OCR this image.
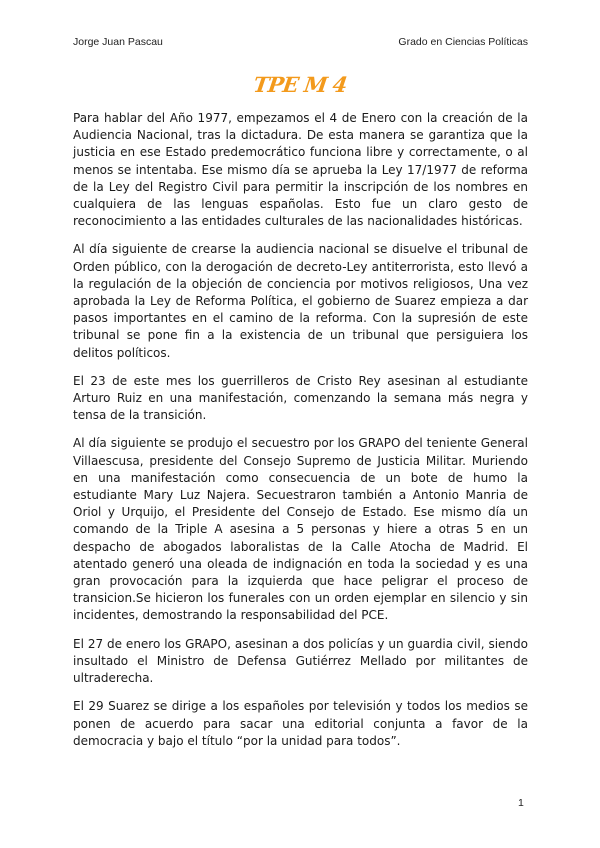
Jorge Juan Pascau	Grado en Ciencias Políticas
TPE M 4

Para hablar del Año 1977, empezamos el 4 de Enero con la creación de la Audiencia Nacional, tras la dictadura. De esta manera se garantiza que la justicia en ese Estado predemocrático funciona libre y correctamente, o al menos se intentaba. Ese mismo día se aprueba la Ley 17/1977 de reforma de la Ley del Registro Civil para permitir la inscripción de los nombres en cualquiera de las lenguas españolas. Esto fue un claro gesto de reconocimiento a las entidades culturales de las nacionalidades históricas.

Al día siguiente de crearse la audiencia nacional se disuelve el tribunal de Orden público, con la derogación de decreto-Ley antiterrorista, esto llevó a la regulación de la objeción de conciencia por motivos religiosos, Una vez aprobada la Ley de Reforma Política, el gobierno de Suarez empieza a dar pasos importantes en el camino de la reforma. Con la supresión de este tribunal se pone fin a la existencia de un tribunal que persiguiera los delitos políticos.

El 23 de este mes los guerrilleros de Cristo Rey asesinan al estudiante Arturo Ruiz en una manifestación, comenzando la semana más negra y tensa de la transición.

Al día siguiente se produjo el secuestro por los GRAPO del teniente General Villaescusa, presidente del Consejo Supremo de Justicia Militar. Muriendo en una manifestación como consecuencia de un bote de humo la estudiante Mary Luz Najera. Secuestraron también a Antonio Manria de Oriol y Urquijo, el Presidente del Consejo de Estado. Ese mismo día un comando de la Triple A asesina a 5 personas y hiere a otras 5 en un despacho de abogados laboralistas de la Calle Atocha de Madrid. El atentado generó una oleada de indignación en toda la sociedad y es una gran provocación para la izquierda que hace peligrar el proceso de transicion.Se hicieron los funerales con un orden ejemplar en silencio y sin incidentes, demostrando la responsabilidad del PCE.

El 27 de enero los GRAPO, asesinan a dos policías y un guardia civil, siendo insultado el Ministro de Defensa Gutiérrez Mellado por militantes de ultraderecha.

El 29 Suarez se dirige a los españoles por televisión y todos los medios se ponen de acuerdo para sacar una editorial conjunta a favor de la democracia y bajo el título “por la unidad para todos”.

1
